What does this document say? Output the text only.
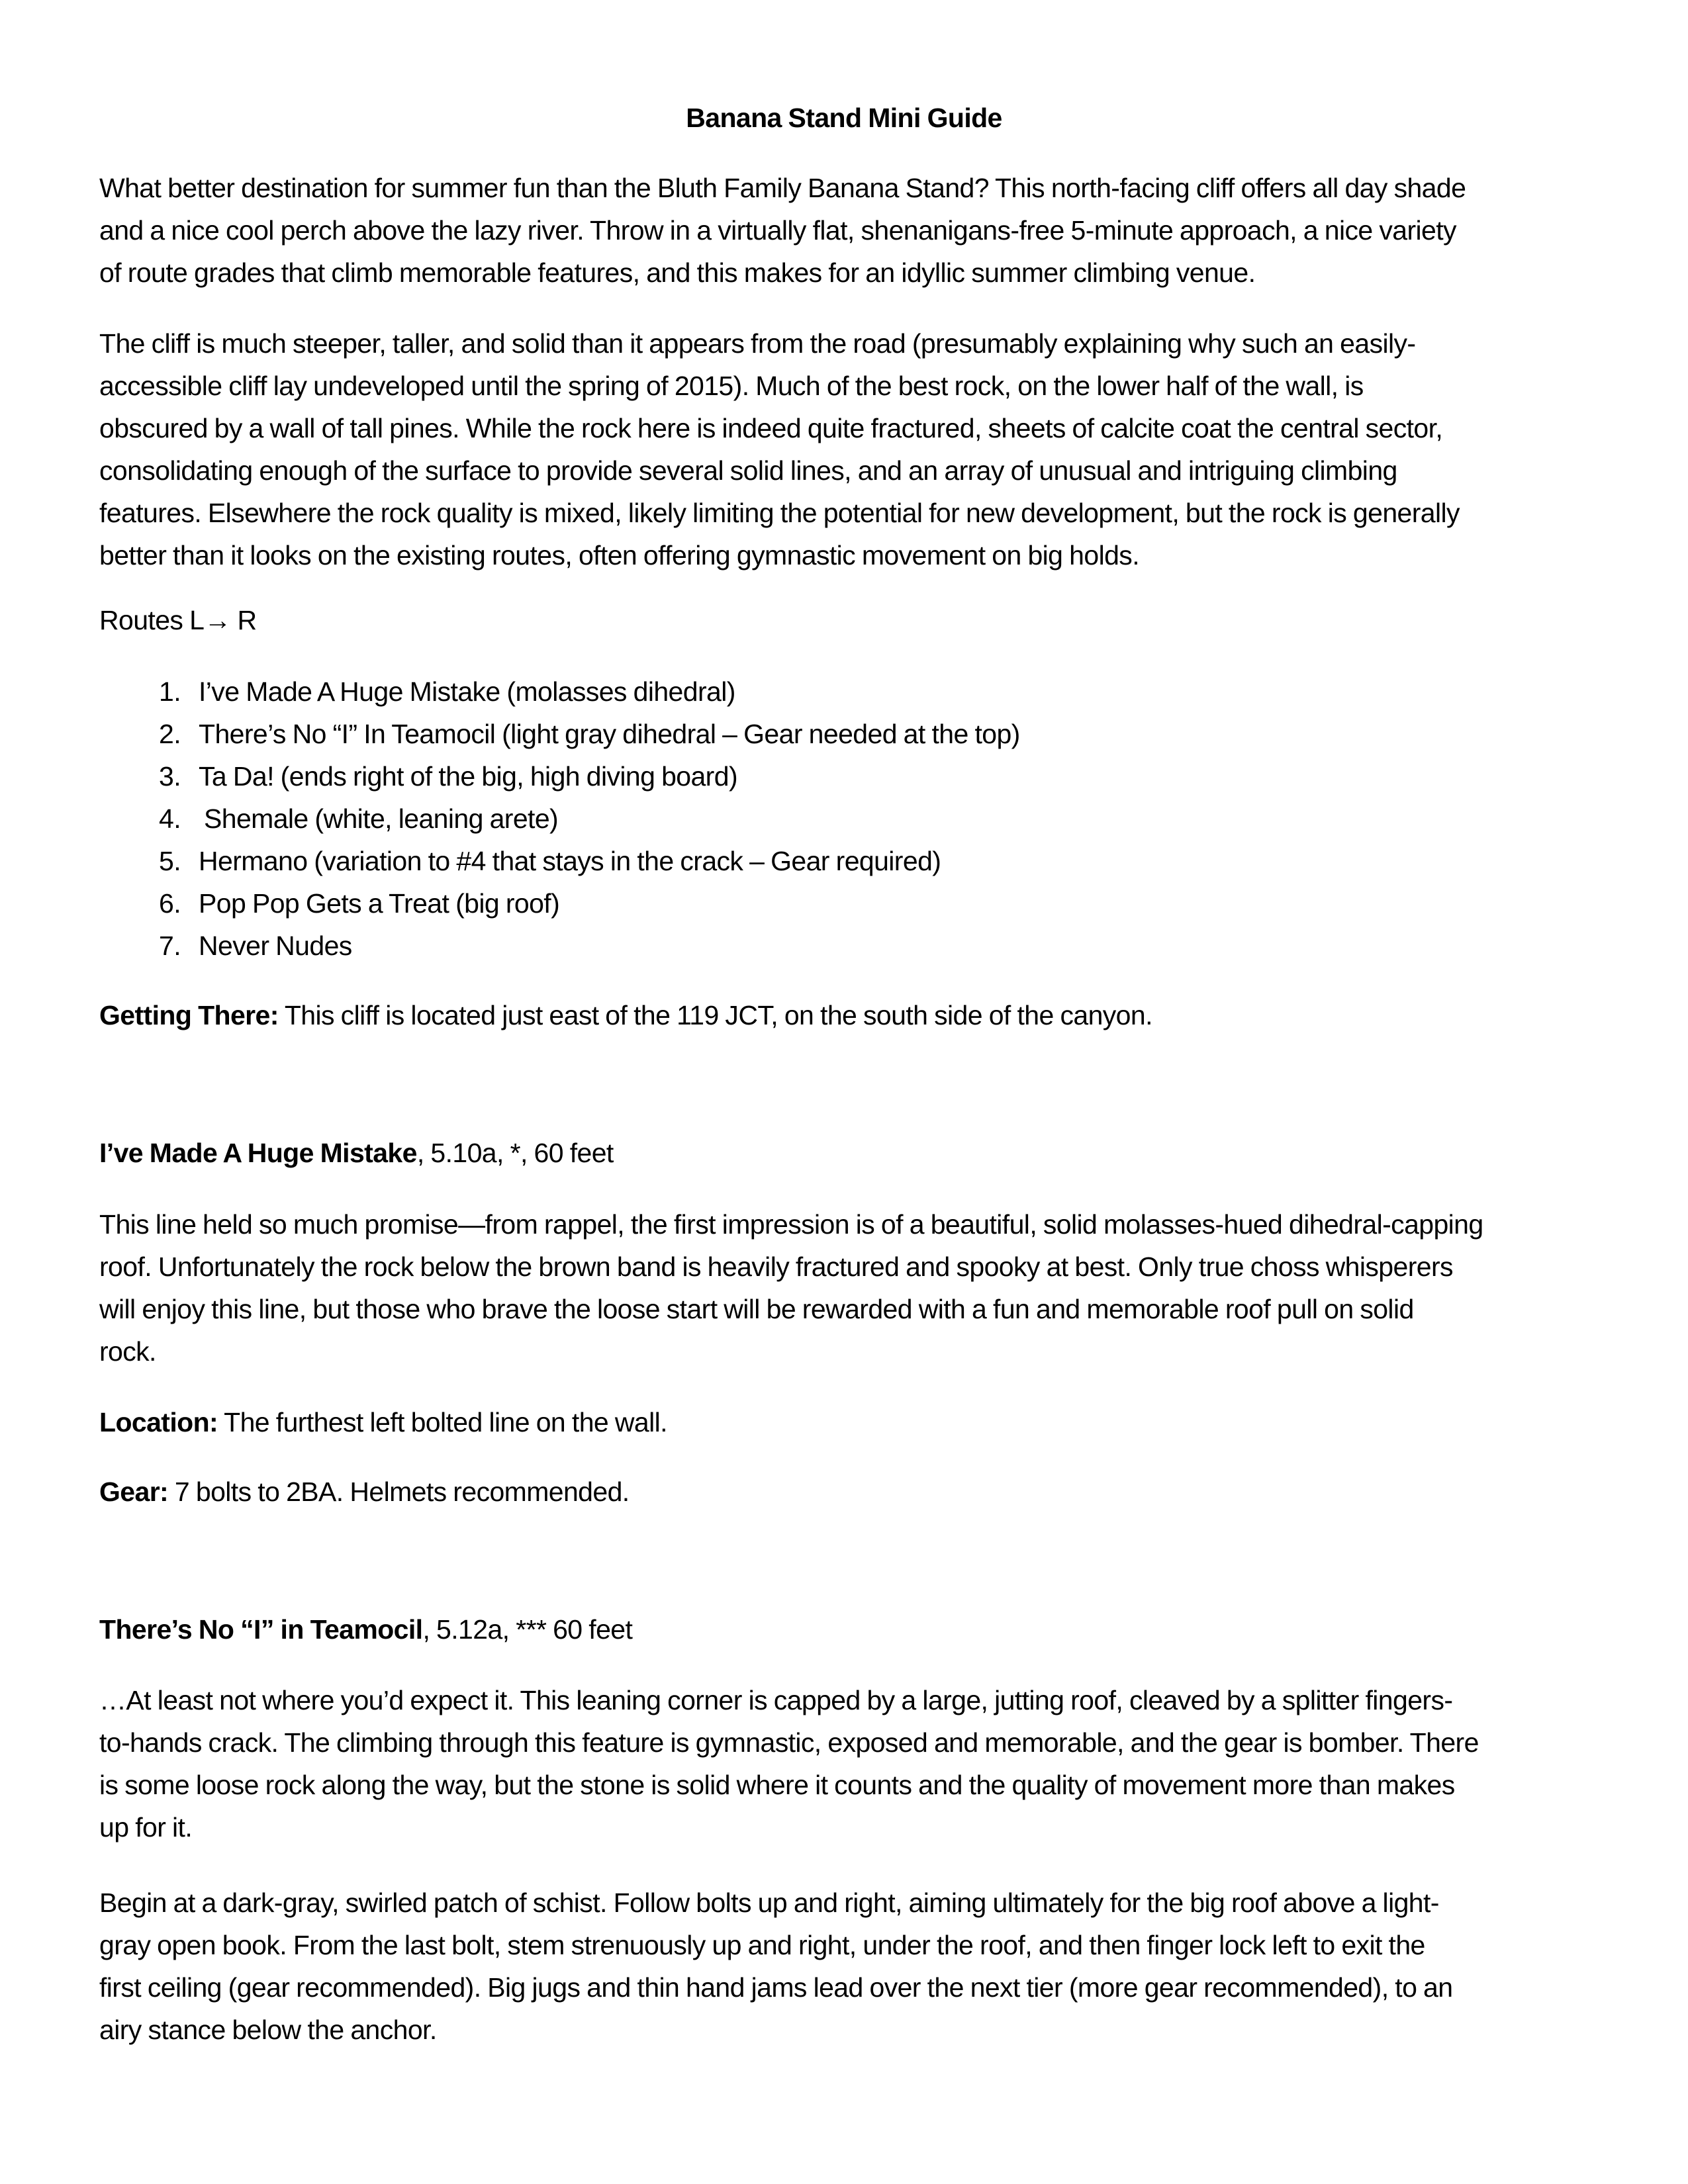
Banana Stand Mini Guide
What better destination for summer fun than the Bluth Family Banana Stand? This north-facing cliff offers all day shade
and a nice cool perch above the lazy river. Throw in a virtually flat, shenanigans-free 5-minute approach, a nice variety
of route grades that climb memorable features, and this makes for an idyllic summer climbing venue.
The cliff is much steeper, taller, and solid than it appears from the road (presumably explaining why such an easily-
accessible cliff lay undeveloped until the spring of 2015). Much of the best rock, on the lower half of the wall, is
obscured by a wall of tall pines. While the rock here is indeed quite fractured, sheets of calcite coat the central sector,
consolidating enough of the surface to provide several solid lines, and an array of unusual and intriguing climbing
features. Elsewhere the rock quality is mixed, likely limiting the potential for new development, but the rock is generally
better than it looks on the existing routes, often offering gymnastic movement on big holds.
Routes L→ R
1. I’ve Made A Huge Mistake (molasses dihedral)
2. There’s No “I” In Teamocil (light gray dihedral – Gear needed at the top)
3. Ta Da! (ends right of the big, high diving board)
4. Shemale (white, leaning arete)
5. Hermano (variation to #4 that stays in the crack – Gear required)
6. Pop Pop Gets a Treat (big roof)
7. Never Nudes
Getting There: This cliff is located just east of the 119 JCT, on the south side of the canyon.
I’ve Made A Huge Mistake, 5.10a, *, 60 feet
This line held so much promise—from rappel, the first impression is of a beautiful, solid molasses-hued dihedral-capping
roof. Unfortunately the rock below the brown band is heavily fractured and spooky at best. Only true choss whisperers
will enjoy this line, but those who brave the loose start will be rewarded with a fun and memorable roof pull on solid
rock.
Location: The furthest left bolted line on the wall.
Gear: 7 bolts to 2BA. Helmets recommended.
There’s No “I” in Teamocil, 5.12a, *** 60 feet
…At least not where you’d expect it. This leaning corner is capped by a large, jutting roof, cleaved by a splitter fingers-
to-hands crack. The climbing through this feature is gymnastic, exposed and memorable, and the gear is bomber. There
is some loose rock along the way, but the stone is solid where it counts and the quality of movement more than makes
up for it.
Begin at a dark-gray, swirled patch of schist. Follow bolts up and right, aiming ultimately for the big roof above a light-
gray open book. From the last bolt, stem strenuously up and right, under the roof, and then finger lock left to exit the
first ceiling (gear recommended). Big jugs and thin hand jams lead over the next tier (more gear recommended), to an
airy stance below the anchor.
